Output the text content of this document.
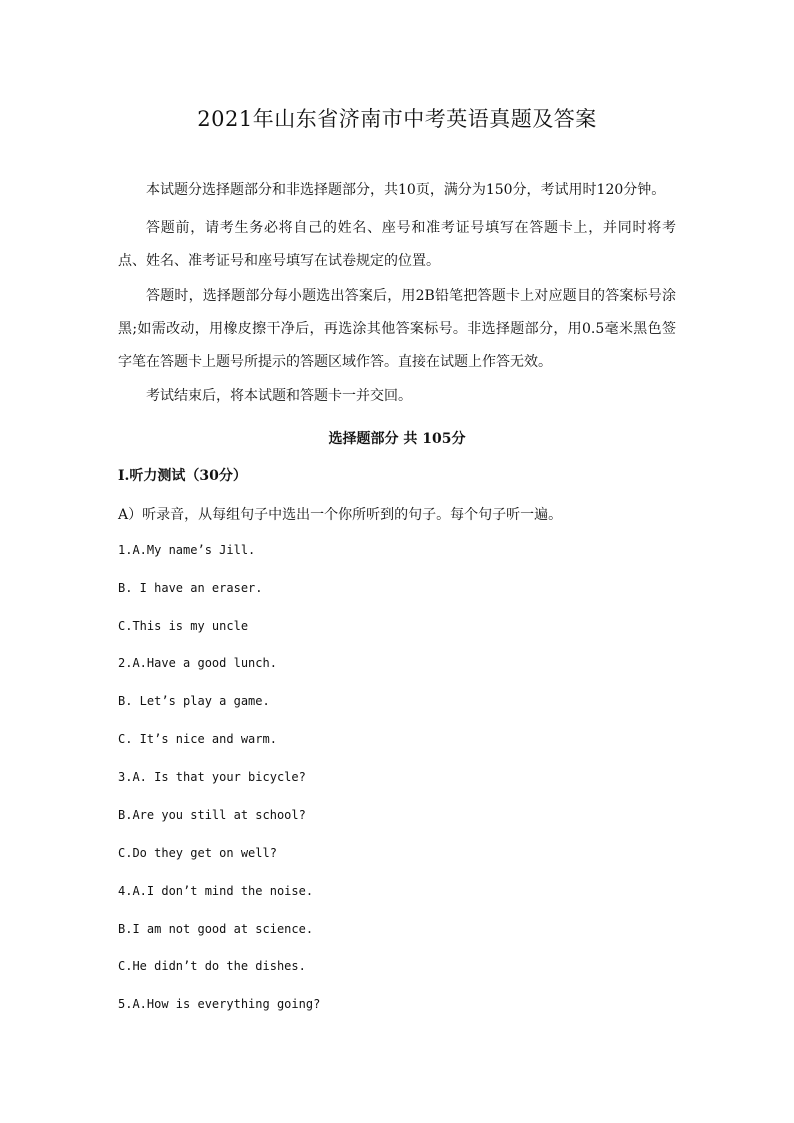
2021年山东省济南市中考英语真题及答案
本试题分选择题部分和非选择题部分，共10页，满分为150分，考试用时120分钟。
答题前，请考生务必将自己的姓名、座号和准考证号填写在答题卡上，并同时将考点、姓名、准考证号和座号填写在试卷规定的位置。
答题时，选择题部分每小题选出答案后，用2B铅笔把答题卡上对应题目的答案标号涂黑;如需改动，用橡皮擦干净后，再选涂其他答案标号。非选择题部分，用0.5毫米黑色签字笔在答题卡上题号所提示的答题区域作答。直接在试题上作答无效。
考试结束后，将本试题和答题卡一并交回。
选择题部分 共 105分
I.听力测试（30分）
A）听录音，从每组句子中选出一个你所听到的句子。每个句子听一遍。
1.A.My name’s Jill.
B. I have an eraser.
C.This is my uncle
2.A.Have a good lunch.
B. Let’s play a game.
C. It’s nice and warm.
3.A. Is that your bicycle?
B.Are you still at school?
C.Do they get on well?
4.A.I don’t mind the noise.
B.I am not good at science.
C.He didn’t do the dishes.
5.A.How is everything going?
